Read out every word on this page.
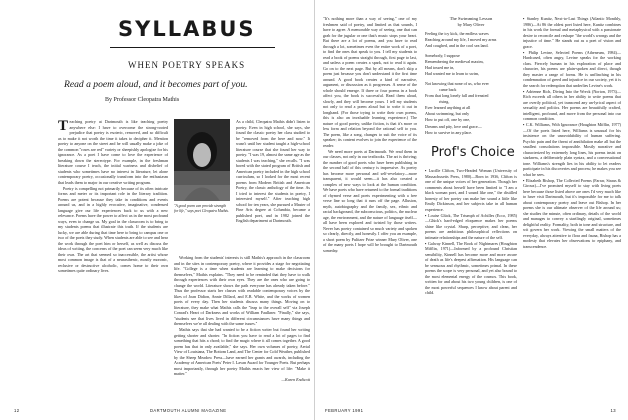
SYLLABUS
WHEN POETRY SPEAKS
Read a poem aloud, and it becomes part of you.
By Professor Cleopatra Mathis

Teaching poetry at Dartmouth is like teaching poetry anywhere else: I have to overcome the strong-rooted prejudice that poetry is esoteric, removed, and so difficult as to make it not worth the time it takes to decipher it. Mention poetry to anyone on the street and he will usually make a joke of the common "roses are red" variety or sheepishly apologize for his ignorance. As a poet I have come to love the experience of breaking down the stereotype. For example, in the freshman literature course I teach, the initial wariness and disbelief of students who sometimes have no interest in literature, let alone contemporary poetry, occasionally transform into the enthusiasm that leads them to major in our creative writing program.

Poetry is compelling not primarily because of its often intricate forms and meter or its important role in the literary tradition. Poems are potent because they take in conditions and events around us, and in a highly evocative, imaginative, condensed language give our life experiences back to us with a new relevance. Poems have the power to affect us in the most profound ways, even to change us. My goal in the classroom is to bring to my students poems that illustrate this truth. If the students are lucky, we are able during that time here to bring to campus one or two of the poets they study. When students are able to see and hear the work through the poet him or herself, as well as discuss the ideas of writing, the concerns of the poet can seem very much like their own. The art that seemed so inaccessible, the artist whose most common image is that of a neurasthenic, mostly moronic, reclusive or destructive alcoholic, comes home to their own sometimes quite ordinary lives.

"A good poem can provide strength for life," says poet Cleopatra Mathis.

As a child, Cleopatra Mathis didn't listen to poetry. Even in high school, she says, she found the classic poetry her class studied to be "removed from the here and now." It wasn't until her student taught a high-school literature course that she found her way to poetry. "I was 19, almost the same age as the students I was teaching," she recalls. "I was bored with the stated program of British and American poetry included in the high school curriculum, so I looked for the most recent poems from Modern British and American Poetry, the classic anthology of the time. As I tried to interest the students in poetry, I interested myself." After teaching high school for ten years, she pursued a Master of Fine Arts degree at Columbia, became a published poet, and in 1982 joined the English department at Dartmouth.

Working from the students' interests is still Mathis's approach in the classroom and in the sites in contemporary poetry, where it provides a stage for negotiating life. "College is a time when students are learning to make decisions for themselves," Mathis explains. "They need to be reminded that they have to walk through experiences with their own eyes. They are the ones who are going to change the world. Literature shows the path everyone has already taken before." Thus the professor starts her classes with readable contemporary voices by the likes of Joan Didion, Annie Dillard, and E.B. White, and the works of women poets of every day. Then her students discuss many things. Moving on to literature, they make what Mathis calls the "leap to the overall self" via Joseph Conrad's Heart of Darkness and works of William Faulkner. "Finally," she says, "students see that lives lived in different circumstances have many things and themselves we're all dealing with the same issues."

Mathis says that she had wanted to be a fiction writer but found her writing getting shorter and shorter. "In fiction you have to read a lot of pages to find something that hits a chord; to find the magic where it all comes together. A good poem has that in only available," she says. Her own volumes of poetry, Aerial View of Louisiana, The Bottom Land, and The Center for Cold Weather, published by the Sheep Meadow Press—have earned her grants and awards, including the Academy of American Poets' Peter I. Lavan Award for Younger Poets. But perhaps most importantly, through her poetry Mathis enacts her view of life: "Make it matter."

—Karen Endicott
12	DARTMOUTH ALUMNI MAGAZINE

"It's nothing more than a way of seeing," one of my freshmen said of poetry, and limited as that sounds, I have to agree. A memorable way of seeing, one that can grab for the jugular or one that's music stops your heart. But there are a lot of poems, and you have to read through a lot, sometimes even the entire work of a poet, to find the ones that speak to you. I tell my students to read a book of poems straight through, first page to last, and unless a poem creates a spark, not to read it again. Go on to the next page. But by all means, don't skip a poem just because you don't understand it the first time around. A good book creates a kind of narrative, argument, or discussion as it progresses. A sense of the whole should emerge. If three or four poems in a book affect you, the book is successful. Read them aloud, slowly, and they will become yours. I tell my students not only to read a poem aloud but to write it out in longhand. (For those trying to write their own poems, this is also an invaluable learning experience.) The nature of good poetry, unlike fiction, is that it's more or less form and relation beyond the rational self to you. The poem, like a song, changes to suit the voice of its speaker; its content evolves to join the experience of the reader.

We need more poets at Dartmouth. We read them in our classes, not only in our textbooks. The art is thriving; the number of good poets who have been publishing in the second half of this century is impressive. As poetry has become more personal and self-revelatory—more transparent, it would seem—it has also created a complex of new ways to look at the human condition. We have poets who have returned to the formal traditions of rhymed verse and poets experimenting with a free verse line so long that it runs off the page. Allusion, myth, autobiography and the family, sex, ethnic and racial background, the subconscious, politics, the nuclear age, the environment, and the nature of language itself—all have been explored and twisted by those writers. Never has poetry contained so much variety and spoken so clearly, directly, and honestly. I offer you an example, a short poem by Pulitzer Prize winner Mary Oliver, one of the many poets I hope will be brought to Dartmouth someday.

The Swimming Lesson
by Mary Oliver

Feeling the icy kick, the endless waves

Reaching around my life, I moved my arms

And coughed, and in the cool sea land.

Somebody, I suppose

Remembering the medieval maxim,

Had tossed me in,

Had wanted me to learn to swim,

Not knowing that none of us, who ever

came back

From that long lonely fall and frenzied

rising,

Ever learned anything at all

About swimming, but only

How to put off, one by one,

Dreams and pity, love and grace—

How to survive in any place.

Prof's Choice

▪ Lucille Clifton, Two-Headed Woman (University of Massachusetts Press, 1980)—Born in 1936, Clifton is one of the unique voices of her generation. Though her comments about herself have been limited to "I am a black woman poet, and I sound like one," the distilled honesty of her poetry can make her sound a little like Emily Dickinson, and her subjects take in all human experience.

▪ Louise Glück, The Triumph of Achilles (Ecco, 1985)—Glück's hard-edged eloquence makes her poems shine like crystal. Sharp, perceptive, and clean, her poems are ambitious philosophical reflections on intimate relationships and the nature of the self.

▪ Galway Kinnell, The Book of Nightmares (Houghton Mifflin, 1971)—Informed by a profound Christian sensibility, Kinnell has become more and more aware of death as life's deepest affirmation. His language can be sensuous and rhythmic, sometimes primal. In these poems the scope is very personal, and yet also bound to the most elemental energy of the cosmos. This book, written for and about his two young children, is one of the most powerful sequences I know about parent and child.

▪ Stanley Kunitz, Next-to-Last Things (Atlantic Monthly, 1986)—At 86 the oldest poet listed here, Kunitz combines in his work the formal and metaphysical with a passionate desire to reconcile and reshape "the world's wrongs and the injustice of time." He stands out as a poet of vision and grace.

▪ Philip Levine, Selected Poems (Atheneum, 1984)—Hardcased, often angry, Levine speaks for the working class. Fiercely human in his exploration of place and character, his poems are plain-spoken and direct, though they master a range of forms. He is unflinching in his condemnation of greed and injustice in our society, yet it is the search for redemption that underlies Levine's work.

▪ Adrienne Rich, Diving Into the Wreck (Norton, 1973)—Rich exceeds all others in her ability to write poems that are overtly political, yet transcend any un-lyrical aspect of sexuality and politics. Her poems are beautifully crafted, intelligent, profound, and move from the personal into our common condition.

▪ C.K. Williams, With Ignorance (Houghton Mifflin, 1977)—Of the poets listed here, Williams is unusual for his insistence on the unavoidability of human suffering. Psychic pain and the threat of annihilation make all but the smallest consolations impossible. Mostly narrative and characterized by extremely long lines, his poems insist on starkness, a deliberately plain syntax, and a conversational tone. Williams's strength lies in his ability to let readers participate in his discoveries and process; he makes you see what he sees.

▪ Elizabeth Bishop, The Collected Poems (Farrar, Straus & Giroux)—I've promised myself to stay with living poets here because those listed above are ones I'd very much like to have visit Dartmouth, but it's impossible for me to talk about contemporary poetry and leave out Bishop. In her poems she is our ultimate observer of the life around us; she studies the minute, often ordinary, details of the world and manages to convey a startlingly original, sometimes delightful reality. Formality, both in tone and structure, and wit govern her work. Viewing the small matters of the everyday, always attentive to flora and fauna, Bishop has a modesty that elevates her observations to epiphany, and transcendence.

FEBRUARY 1991	13
